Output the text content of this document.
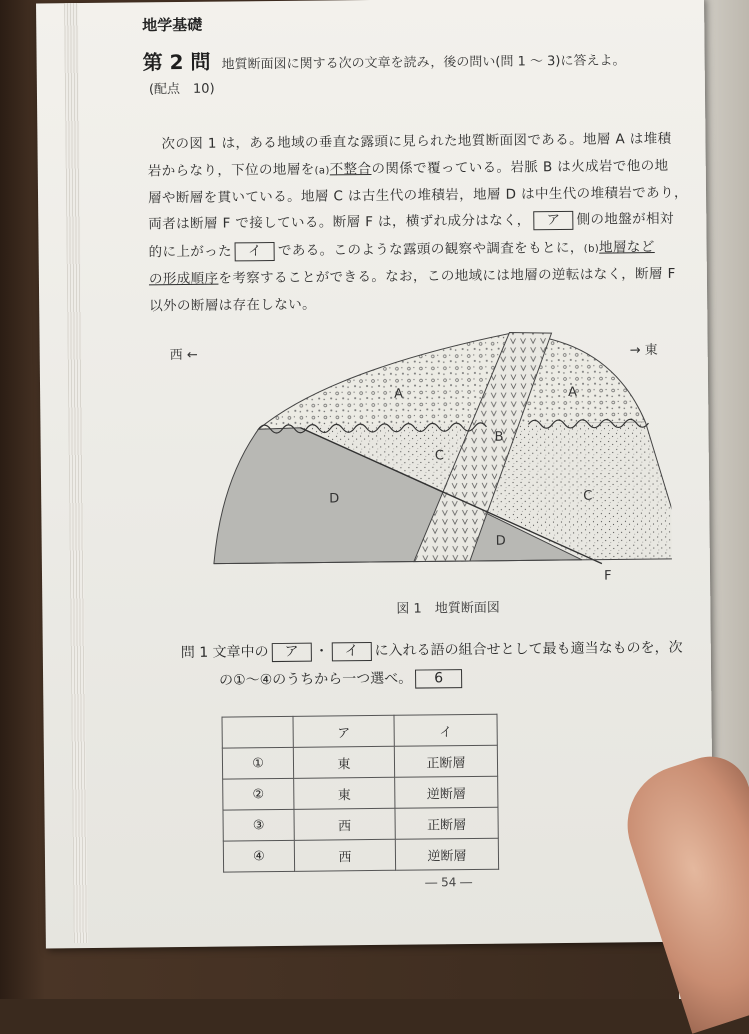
地学基礎
第 2 問 地質断面図に関する次の文章を読み，後の問い(問 1 ～ 3)に答えよ。
(配点　10)
次の図 1 は，ある地域の垂直な露頭に見られた地質断面図である。地層 A は堆積
岩からなり，下位の地層を(a)不整合の関係で覆っている。岩脈 B は火成岩で他の地
層や断層を貫いている。地層 C は古生代の堆積岩，地層 D は中生代の堆積岩であり，
両者は断層 F で接している。断層 F は，横ずれ成分はなく， ア 側の地盤が相対
的に上がった イ である。このような露頭の観察や調査をもとに，(b)地層など
の形成順序を考察することができる。なお，この地域には地層の逆転はなく，断層 F
以外の断層は存在しない。
西 ←	→ 東
A	A
B
C
C
D
D
F
図 1　地質断面図
問 1 文章中の ア ・ イ に入れる語の組合せとして最も適当なものを，次
の①～④のうちから一つ選べ。 6
	ア	イ
①	東	正断層
②	東	逆断層
③	西	正断層
④	西	逆断層
― 54 ―
